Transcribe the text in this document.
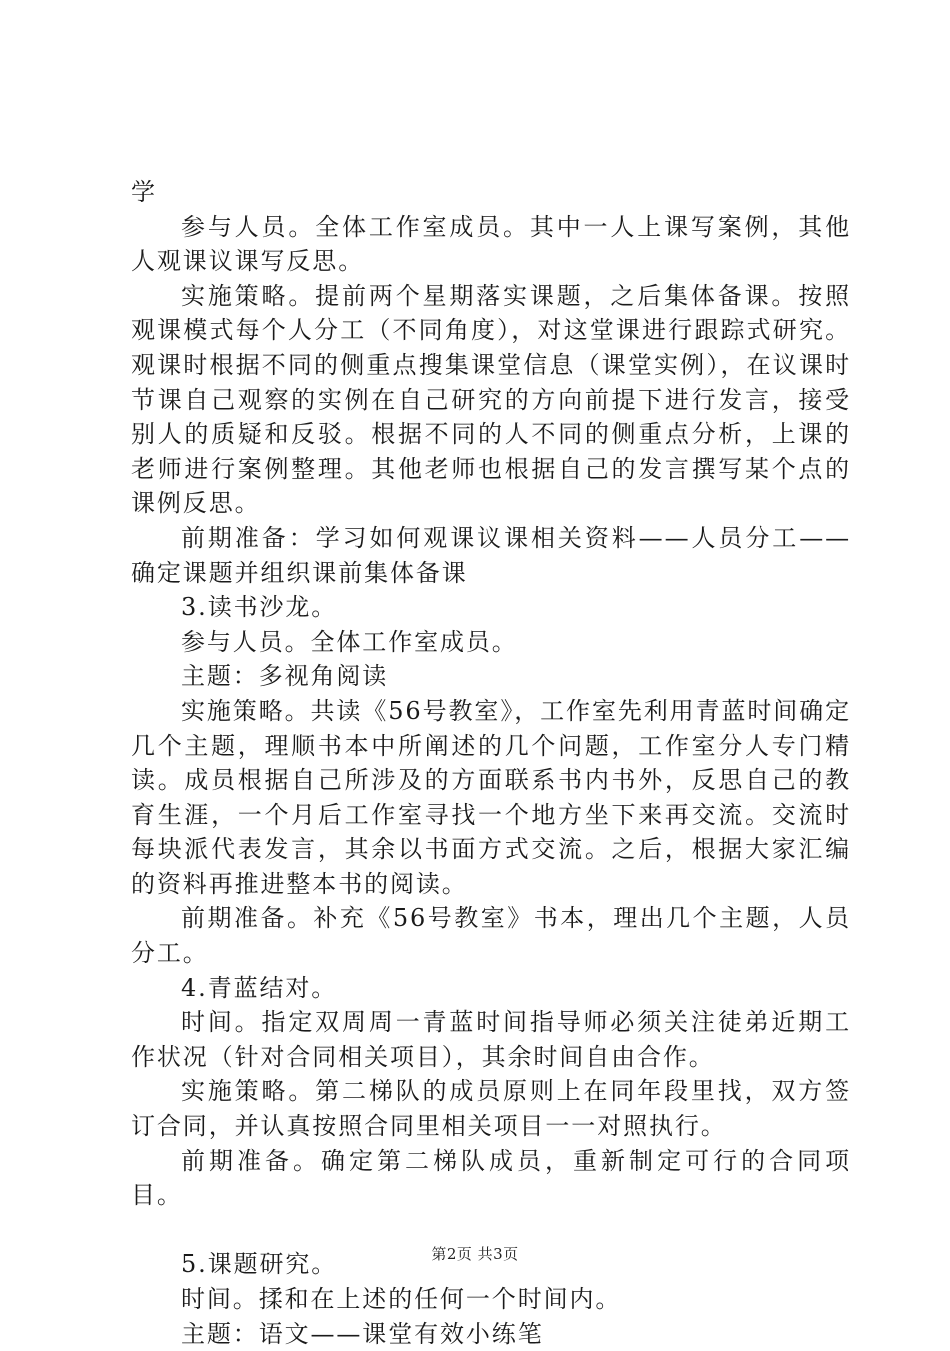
学

参与人员。全体工作室成员。其中一人上课写案例，其他人观课议课写反思。

实施策略。提前两个星期落实课题，之后集体备课。按照观课模式每个人分工（不同角度），对这堂课进行跟踪式研究。观课时根据不同的侧重点搜集课堂信息（课堂实例），在议课时节课自己观察的实例在自己研究的方向前提下进行发言，接受别人的质疑和反驳。根据不同的人不同的侧重点分析，上课的老师进行案例整理。其他老师也根据自己的发言撰写某个点的课例反思。

前期准备：学习如何观课议课相关资料——人员分工——确定课题并组织课前集体备课

3.读书沙龙。

参与人员。全体工作室成员。

主题：多视角阅读

实施策略。共读《56号教室》，工作室先利用青蓝时间确定几个主题，理顺书本中所阐述的几个问题，工作室分人专门精读。成员根据自己所涉及的方面联系书内书外，反思自己的教育生涯，一个月后工作室寻找一个地方坐下来再交流。交流时每块派代表发言，其余以书面方式交流。之后，根据大家汇编的资料再推进整本书的阅读。

前期准备。补充《56号教室》书本，理出几个主题，人员分工。

4.青蓝结对。

时间。指定双周周一青蓝时间指导师必须关注徒弟近期工作状况（针对合同相关项目），其余时间自由合作。

实施策略。第二梯队的成员原则上在同年段里找，双方签订合同，并认真按照合同里相关项目一一对照执行。

前期准备。确定第二梯队成员，重新制定可行的合同项目。

5.课题研究。

时间。揉和在上述的任何一个时间内。

主题：语文——课堂有效小练笔

第2页 共3页
